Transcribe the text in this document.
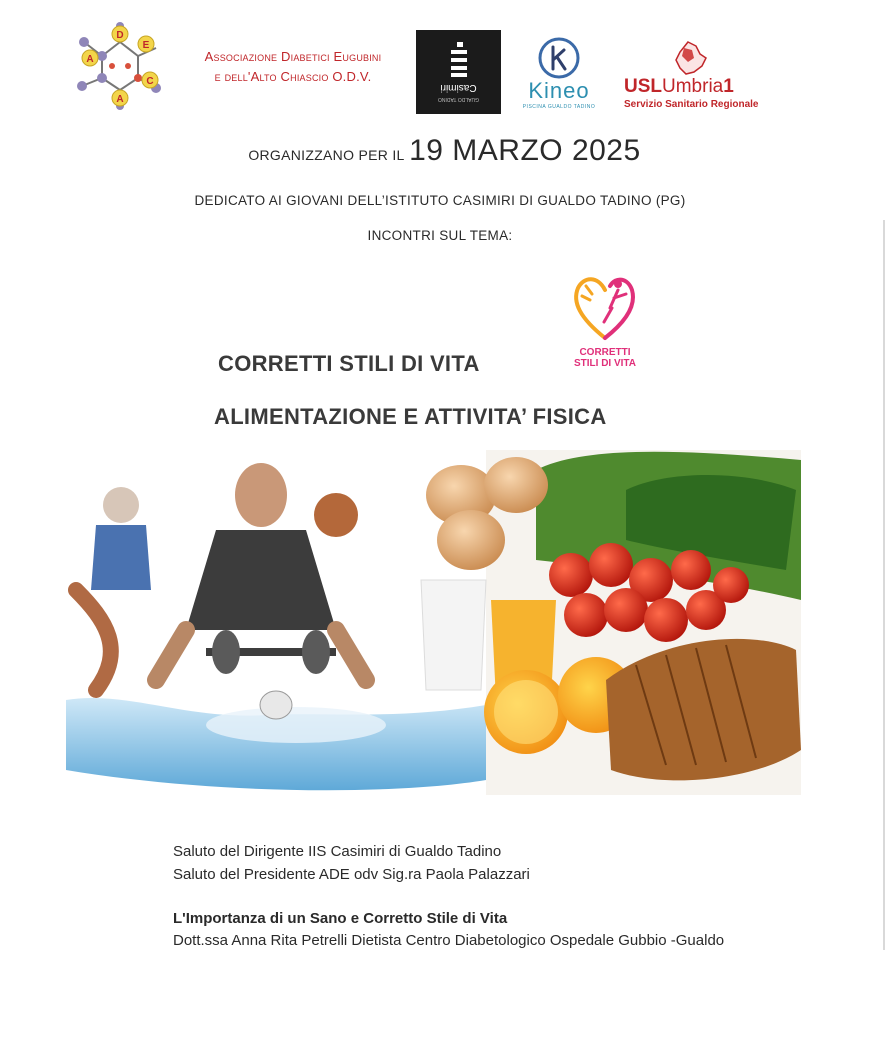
A
D
E
A
C
Associazione Diabetici Eugubini
e dell'Alto Chiascio O.D.V.
Casimiri
GUALDO TADINO	Kineo
PISCINA GUALDO TADINO
USLUmbria1
Servizio Sanitario Regionale
ORGANIZZANO PER IL 19 MARZO 2025
DEDICATO AI GIOVANI DELL’ISTITUTO CASIMIRI DI GUALDO TADINO (PG)
INCONTRI SUL TEMA:
CORRETTI
STILI DI VITA
CORRETTI STILI DI VITA
ALIMENTAZIONE E ATTIVITA’ FISICA
Saluto del Dirigente IIS Casimiri di Gualdo Tadino
Saluto del Presidente ADE odv Sig.ra Paola Palazzari
L'Importanza di un Sano e Corretto Stile di Vita
Dott.ssa Anna Rita Petrelli Dietista Centro Diabetologico Ospedale Gubbio -Gualdo
